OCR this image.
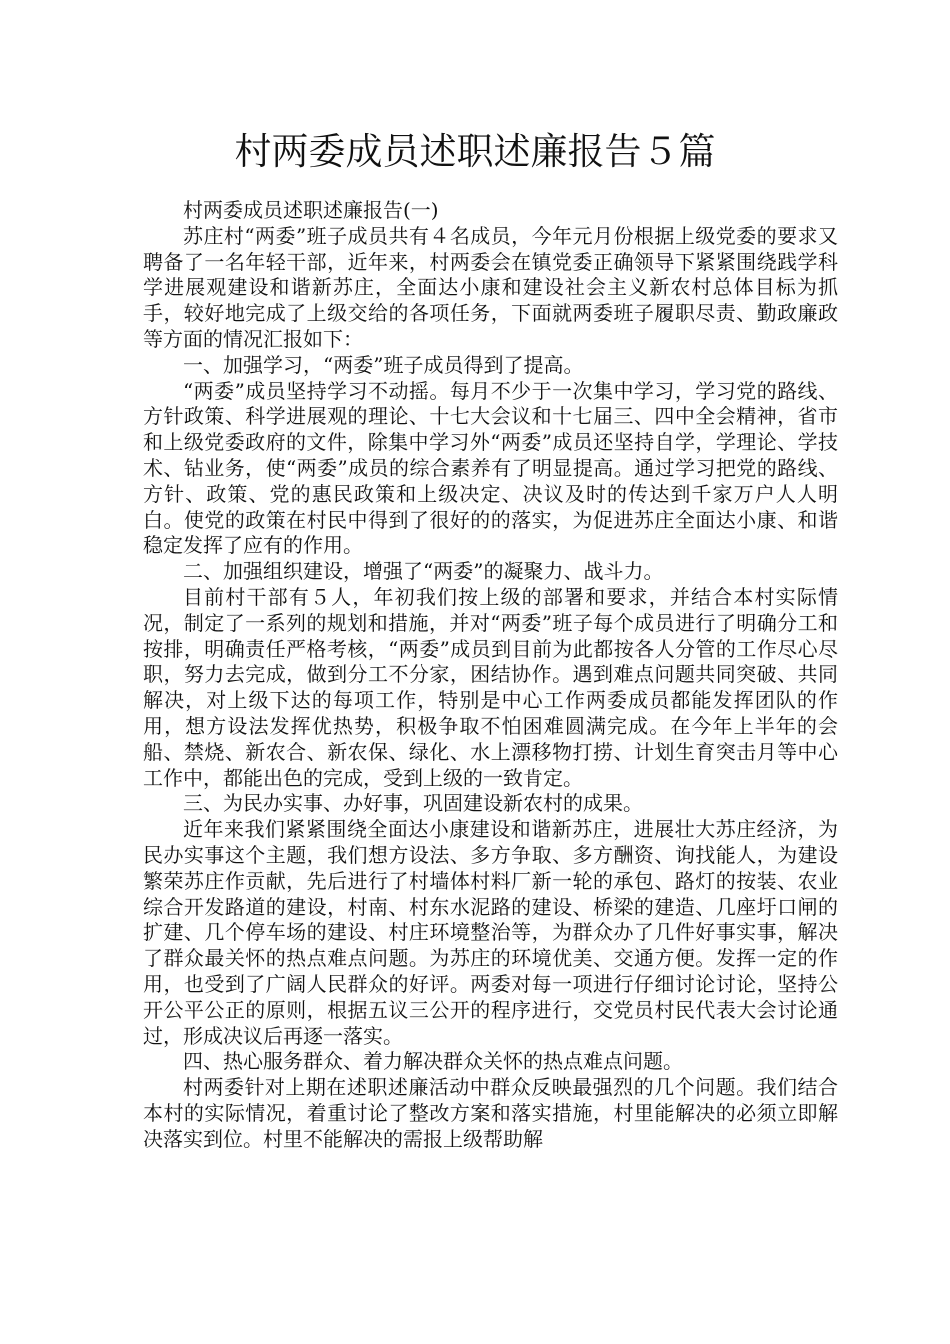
村两委成员述职述廉报告５篇

村两委成员述职述廉报告(一)

苏庄村“两委”班子成员共有４名成员，今年元月份根据上级党委的要求又聘备了一名年轻干部，近年来，村两委会在镇党委正确领导下紧紧围绕践学科学进展观建设和谐新苏庄，全面达小康和建设社会主义新农村总体目标为抓手，较好地完成了上级交给的各项任务，下面就两委班子履职尽责、勤政廉政等方面的情况汇报如下：

一、加强学习，“两委”班子成员得到了提高。

“两委”成员坚持学习不动摇。每月不少于一次集中学习，学习党的路线、方针政策、科学进展观的理论、十七大会议和十七届三、四中全会精神，省市和上级党委政府的文件，除集中学习外“两委”成员还坚持自学，学理论、学技术、钻业务，使“两委”成员的综合素养有了明显提高。通过学习把党的路线、方针、政策、党的惠民政策和上级决定、决议及时的传达到千家万户人人明白。使党的政策在村民中得到了很好的的落实，为促进苏庄全面达小康、和谐稳定发挥了应有的作用。

二、加强组织建设，增强了“两委”的凝聚力、战斗力。

目前村干部有５人，年初我们按上级的部署和要求，并结合本村实际情况，制定了一系列的规划和措施，并对“两委”班子每个成员进行了明确分工和按排，明确责任严格考核，“两委”成员到目前为此都按各人分管的工作尽心尽职，努力去完成，做到分工不分家，困结协作。遇到难点问题共同突破、共同解决，对上级下达的每项工作，特别是中心工作两委成员都能发挥团队的作用，想方设法发挥优热势，积极争取不怕困难圆满完成。在今年上半年的会船、禁烧、新农合、新农保、绿化、水上漂移物打捞、计划生育突击月等中心工作中，都能出色的完成，受到上级的一致肯定。

三、为民办实事、办好事，巩固建设新农村的成果。

近年来我们紧紧围绕全面达小康建设和谐新苏庄，进展壮大苏庄经济，为民办实事这个主题，我们想方设法、多方争取、多方酬资、询找能人，为建设繁荣苏庄作贡献，先后进行了村墙体村料厂新一轮的承包、路灯的按装、农业综合开发路道的建设，村南、村东水泥路的建设、桥梁的建造、几座圩口闸的扩建、几个停车场的建设、村庄环境整治等，为群众办了几件好事实事，解决了群众最关怀的热点难点问题。为苏庄的环境优美、交通方便。发挥一定的作用，也受到了广阔人民群众的好评。两委对每一项进行仔细讨论讨论，坚持公开公平公正的原则，根据五议三公开的程序进行，交党员村民代表大会讨论通过，形成决议后再逐一落实。

四、热心服务群众、着力解决群众关怀的热点难点问题。

村两委针对上期在述职述廉活动中群众反映最强烈的几个问题。我们结合本村的实际情况，着重讨论了整改方案和落实措施，村里能解决的必须立即解决落实到位。村里不能解决的需报上级帮助解
